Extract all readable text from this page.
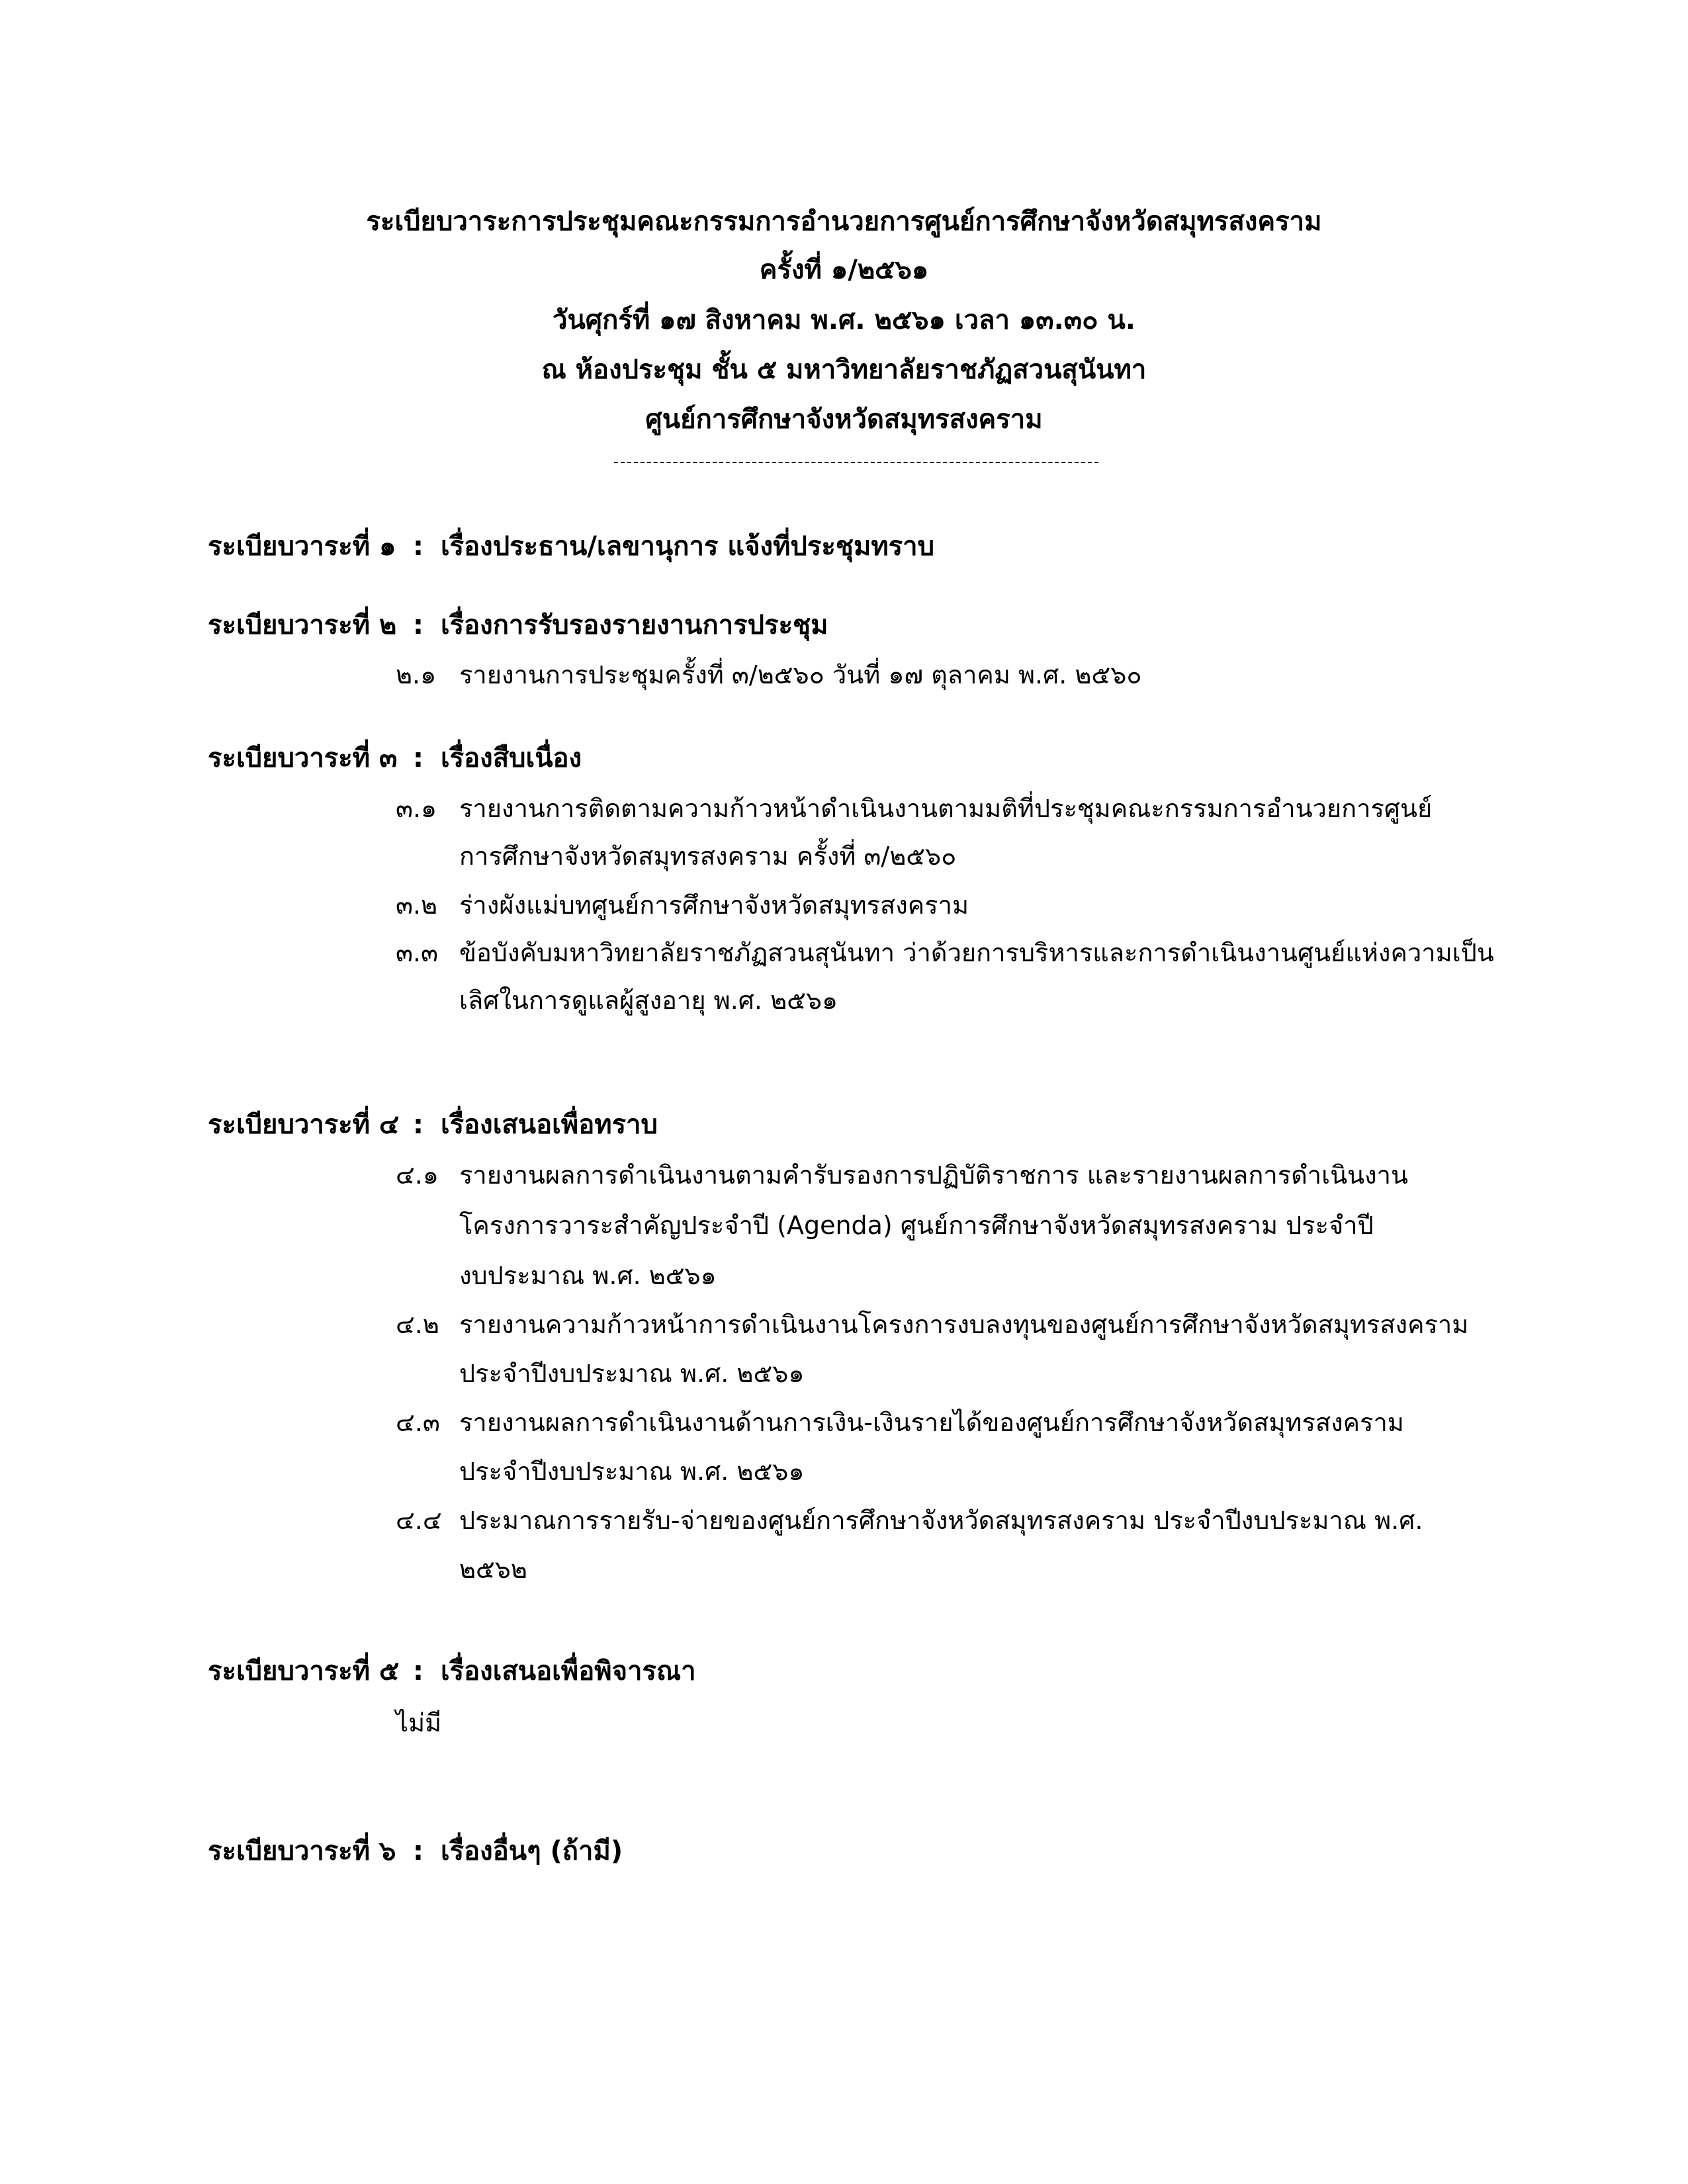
ระเบียบวาระการประชุมคณะกรรมการอำนวยการศูนย์การศึกษาจังหวัดสมุทรสงคราม
ครั้งที่ ๑/๒๕๖๑
วันศุกร์ที่ ๑๗ สิงหาคม พ.ศ. ๒๕๖๑ เวลา ๑๓.๓๐ น.
ณ ห้องประชุม ชั้น ๕ มหาวิทยาลัยราชภัฏสวนสุนันทา
ศูนย์การศึกษาจังหวัดสมุทรสงคราม
ระเบียบวาระที่ ๑ : เรื่องประธาน/เลขานุการ แจ้งที่ประชุมทราบ
ระเบียบวาระที่ ๒ : เรื่องการรับรองรายงานการประชุม
๒.๑ รายงานการประชุมครั้งที่ ๓/๒๕๖๐ วันที่ ๑๗ ตุลาคม พ.ศ. ๒๕๖๐
ระเบียบวาระที่ ๓ : เรื่องสืบเนื่อง
๓.๑ รายงานการติดตามความก้าวหน้าดำเนินงานตามมติที่ประชุมคณะกรรมการอำนวยการศูนย์
การศึกษาจังหวัดสมุทรสงคราม ครั้งที่ ๓/๒๕๖๐
๓.๒ ร่างผังแม่บทศูนย์การศึกษาจังหวัดสมุทรสงคราม
๓.๓ ข้อบังคับมหาวิทยาลัยราชภัฏสวนสุนันทา ว่าด้วยการบริหารและการดำเนินงานศูนย์แห่งความเป็น
เลิศในการดูแลผู้สูงอายุ พ.ศ. ๒๕๖๑
ระเบียบวาระที่ ๔ : เรื่องเสนอเพื่อทราบ
๔.๑ รายงานผลการดำเนินงานตามคำรับรองการปฏิบัติราชการ และรายงานผลการดำเนินงาน
โครงการวาระสำคัญประจำปี (Agenda) ศูนย์การศึกษาจังหวัดสมุทรสงคราม ประจำปี
งบประมาณ พ.ศ. ๒๕๖๑
๔.๒ รายงานความก้าวหน้าการดำเนินงานโครงการงบลงทุนของศูนย์การศึกษาจังหวัดสมุทรสงคราม
ประจำปีงบประมาณ พ.ศ. ๒๕๖๑
๔.๓ รายงานผลการดำเนินงานด้านการเงิน-เงินรายได้ของศูนย์การศึกษาจังหวัดสมุทรสงคราม
ประจำปีงบประมาณ พ.ศ. ๒๕๖๑
๔.๔ ประมาณการรายรับ-จ่ายของศูนย์การศึกษาจังหวัดสมุทรสงคราม ประจำปีงบประมาณ พ.ศ.
๒๕๖๒
ระเบียบวาระที่ ๕ : เรื่องเสนอเพื่อพิจารณา
ไม่มี
ระเบียบวาระที่ ๖ : เรื่องอื่นๆ (ถ้ามี)
